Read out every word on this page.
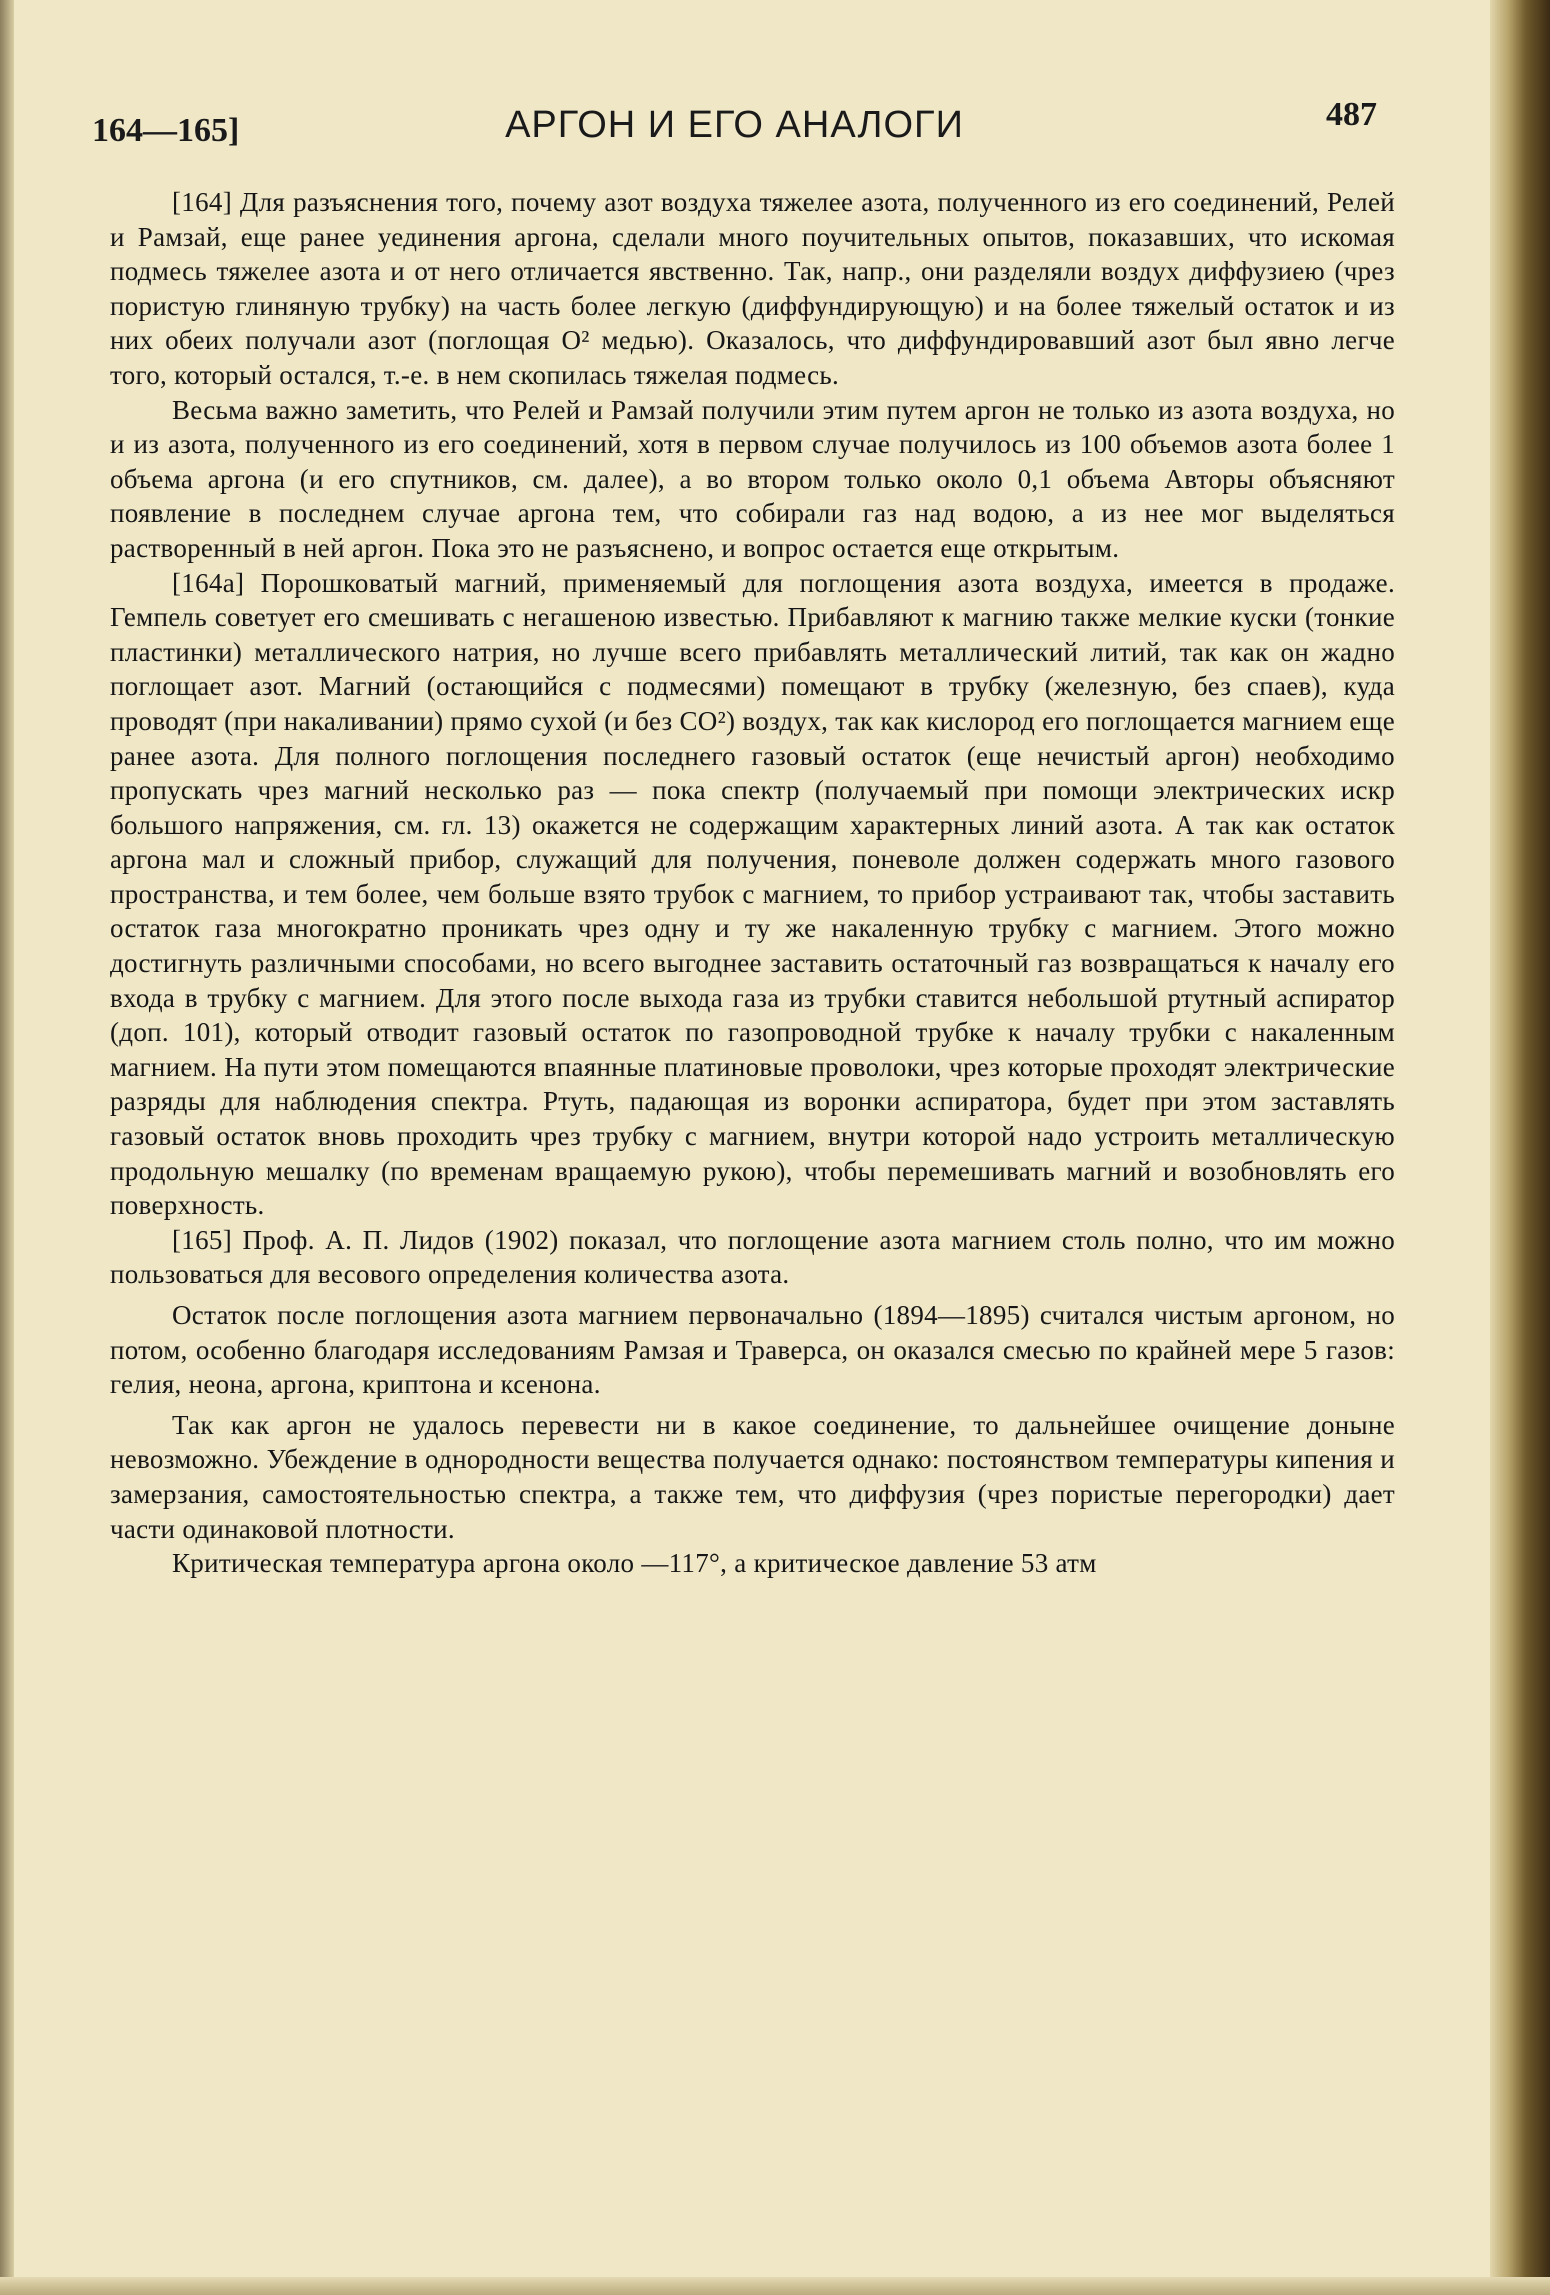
164—165]	АРГОН И ЕГО АНАЛОГИ	487

[164] Для разъяснения того, почему азот воздуха тяжелее азота, полученного из его соединений, Релей и Рамзай, еще ранее уединения аргона, сделали много поучительных опытов, показавших, что искомая подмесь тяжелее азота и от него отличается явственно. Так, напр., они разделяли воздух диффузиею (чрез пористую глиняную трубку) на часть более легкую (диффундирующую) и на более тяжелый остаток и из них обеих получали азот (поглощая O² медью). Оказалось, что диффундировавший азот был явно легче того, который остался, т.-е. в нем скопилась тяжелая подмесь.

Весьма важно заметить, что Релей и Рамзай получили этим путем аргон не только из азота воздуха, но и из азота, полученного из его соединений, хотя в первом случае получилось из 100 объемов азота более 1 объема аргона (и его спутников, см. далее), а во втором только около 0,1 объема Авторы объясняют появление в последнем случае аргона тем, что собирали газ над водою, а из нее мог выделяться растворенный в ней аргон. Пока это не разъяснено, и вопрос остается еще открытым.

[164a] Порошковатый магний, применяемый для поглощения азота воздуха, имеется в продаже. Гемпель советует его смешивать с негашеною известью. Прибавляют к магнию также мелкие куски (тонкие пластинки) металлического натрия, но лучше всего прибавлять металлический литий, так как он жадно поглощает азот. Магний (остающийся с подмесями) помещают в трубку (железную, без спаев), куда проводят (при накаливании) прямо сухой (и без CO²) воздух, так как кислород его поглощается магнием еще ранее азота. Для полного поглощения последнего газовый остаток (еще нечистый аргон) необходимо пропускать чрез магний несколько раз — пока спектр (получаемый при помощи электрических искр большого напряжения, см. гл. 13) окажется не содержащим характерных линий азота. А так как остаток аргона мал и сложный прибор, служащий для получения, поневоле должен содержать много газового пространства, и тем более, чем больше взято трубок с магнием, то прибор устраивают так, чтобы заставить остаток газа многократно проникать чрез одну и ту же накаленную трубку с магнием. Этого можно достигнуть различными способами, но всего выгоднее заставить остаточный газ возвращаться к началу его входа в трубку с магнием. Для этого после выхода газа из трубки ставится небольшой ртутный аспиратор (доп. 101), который отводит газовый остаток по газопроводной трубке к началу трубки с накаленным магнием. На пути этом помещаются впаянные платиновые проволоки, чрез которые проходят электрические разряды для наблюдения спектра. Ртуть, падающая из воронки аспиратора, будет при этом заставлять газовый остаток вновь проходить чрез трубку с магнием, внутри которой надо устроить металлическую продольную мешалку (по временам вращаемую рукою), чтобы перемешивать магний и возобновлять его поверхность.

[165] Проф. А. П. Лидов (1902) показал, что поглощение азота магнием столь полно, что им можно пользоваться для весового определения количества азота.

Остаток после поглощения азота магнием первоначально (1894—1895) считался чистым аргоном, но потом, особенно благодаря исследованиям Рамзая и Траверса, он оказался смесью по крайней мере 5 газов: гелия, неона, аргона, криптона и ксенона.

Так как аргон не удалось перевести ни в какое соединение, то дальнейшее очищение доныне невозможно. Убеждение в однородности вещества получается однако: постоянством температуры кипения и замерзания, самостоятельностью спектра, а также тем, что диффузия (чрез пористые перегородки) дает части одинаковой плотности.

Критическая температура аргона около —117°, а критическое давление 53 атм
